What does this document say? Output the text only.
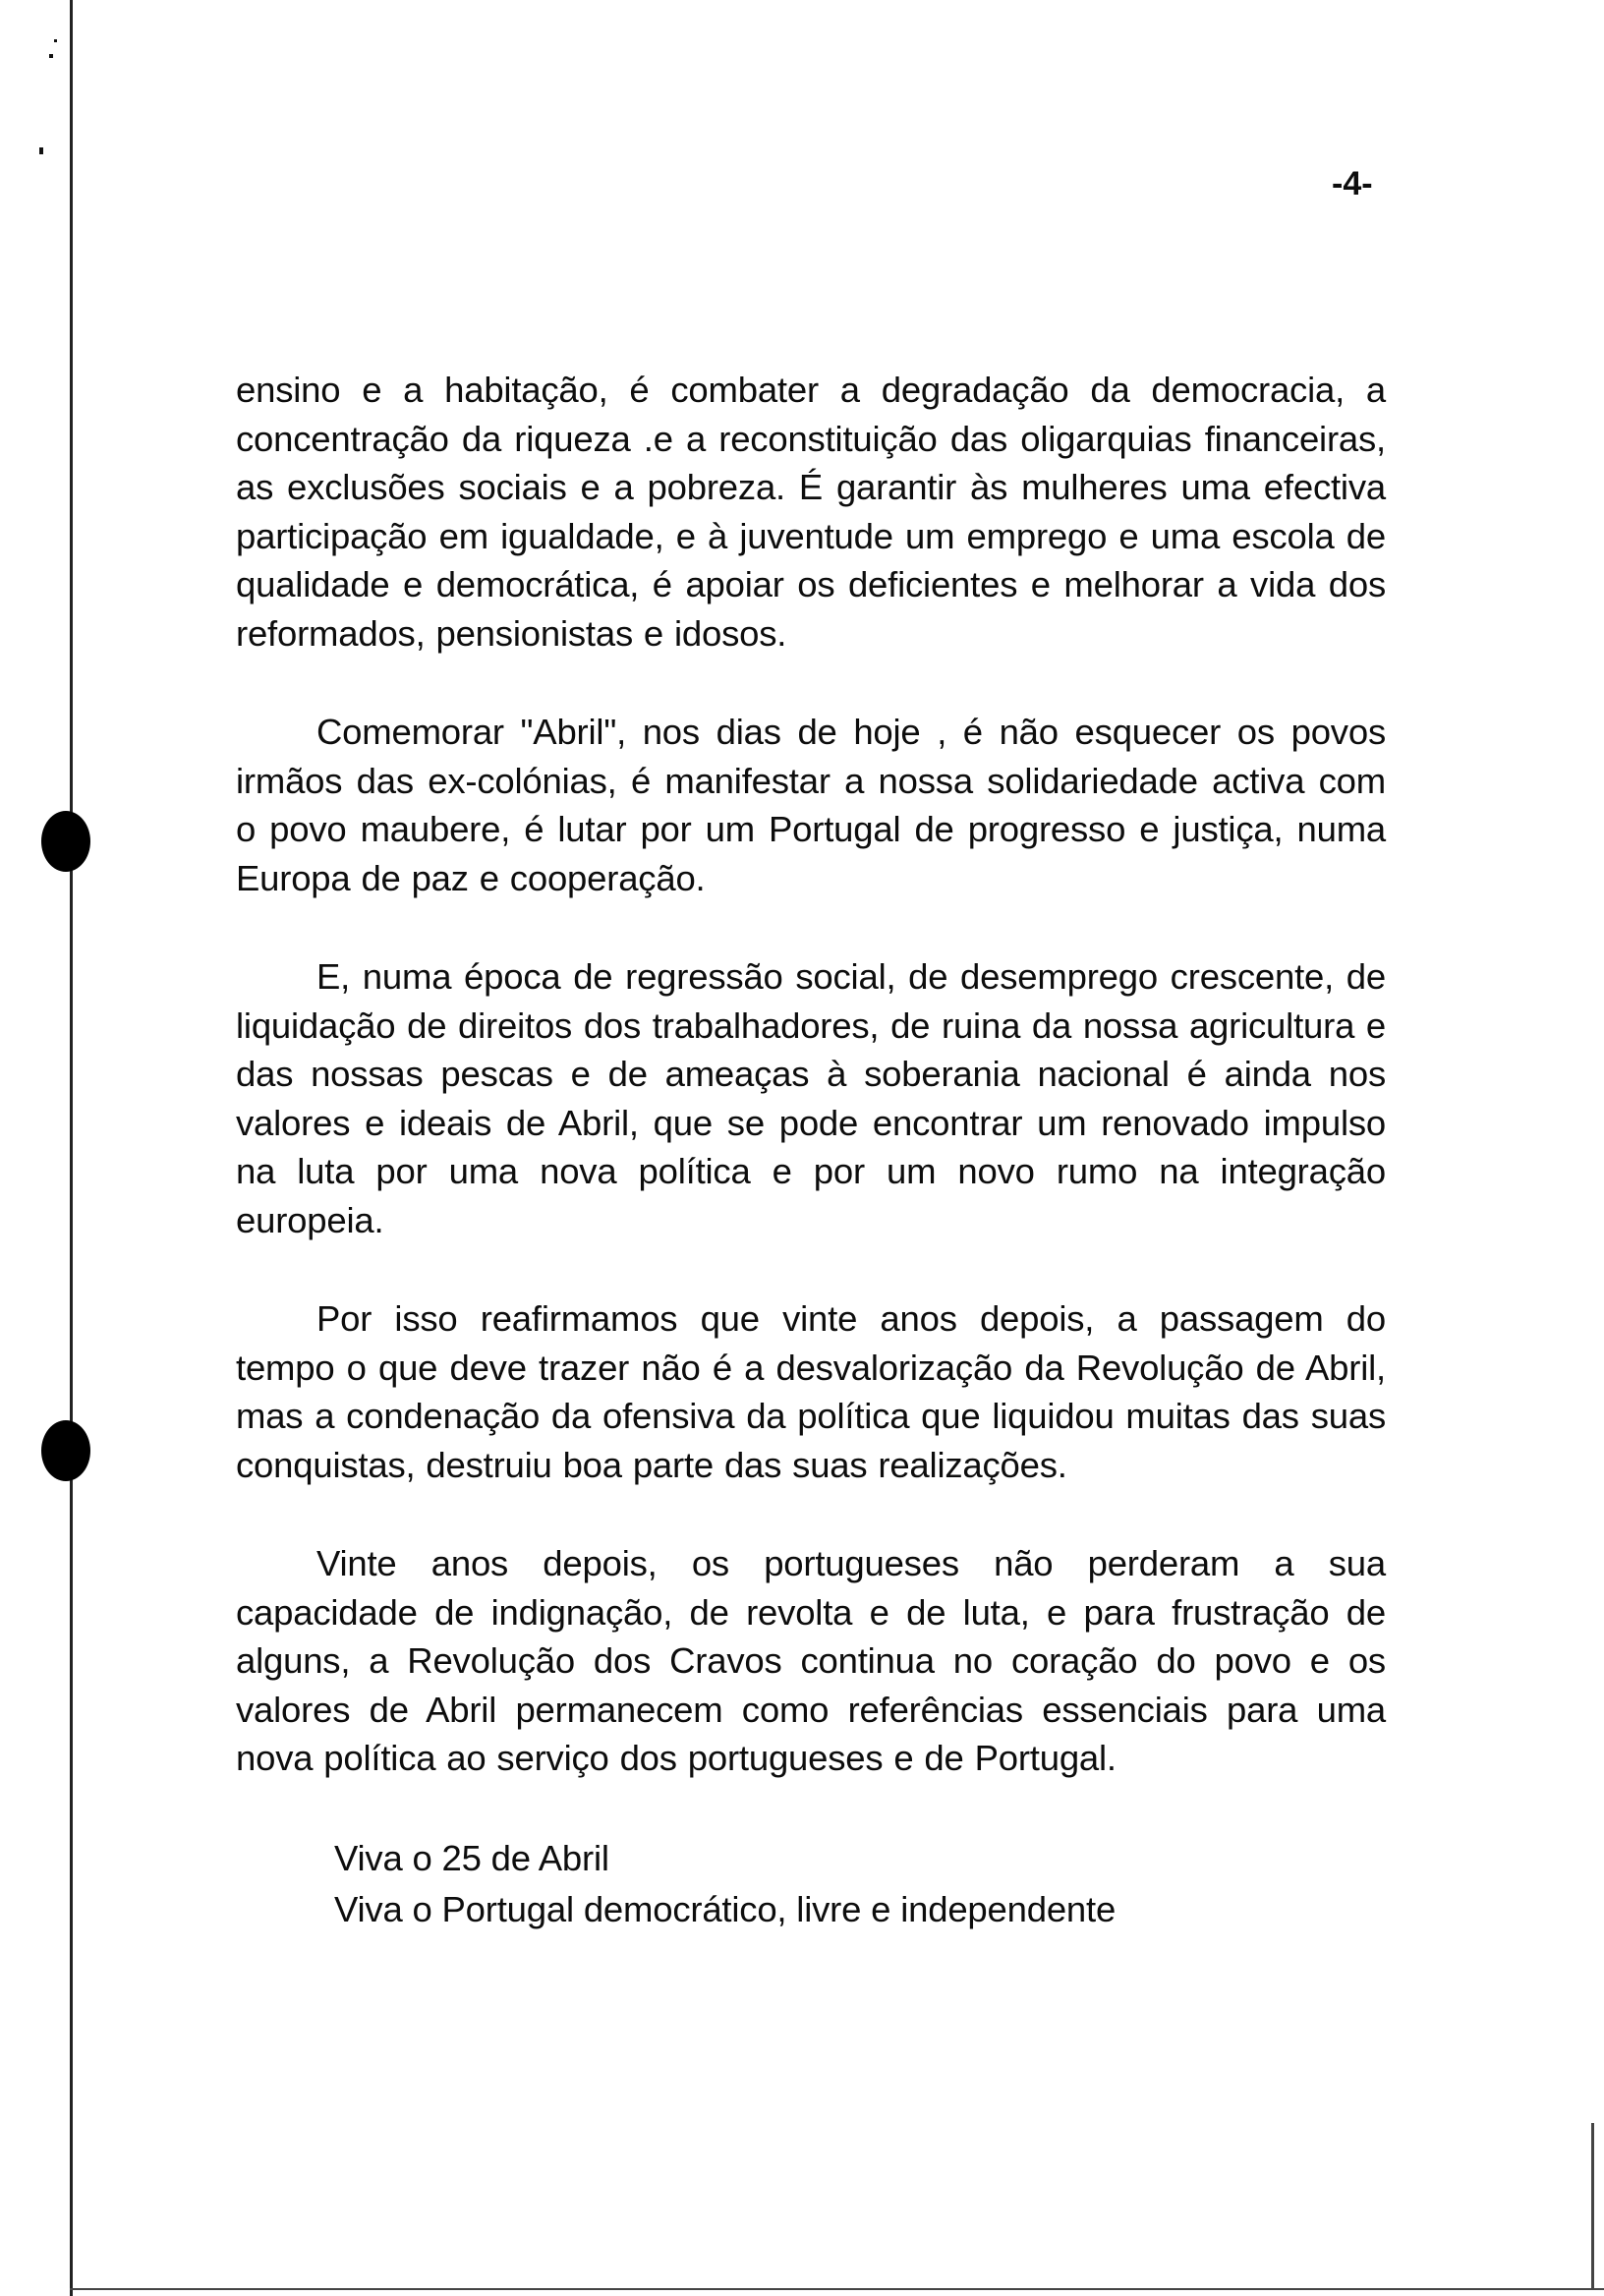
-4-

ensino e a habitação, é combater a degradação da democracia, a concentração da riqueza .e a reconstituição das oligarquias financeiras, as exclusões sociais e a pobreza. É garantir às mulheres uma efectiva participação em igualdade, e à juventude um emprego e uma escola de qualidade e democrática, é apoiar os deficientes e melhorar a vida dos reformados, pensionistas e idosos.

Comemorar "Abril", nos dias de hoje , é não esquecer os povos irmãos das ex-colónias, é manifestar a nossa solidariedade activa com o povo maubere, é lutar por um Portugal de progresso e justiça, numa Europa de paz e cooperação.

E, numa época de regressão social, de desemprego crescente, de liquidação de direitos dos trabalhadores, de ruina da nossa agricultura e das nossas pescas e de ameaças à soberania nacional é ainda nos valores e ideais de Abril, que se pode encontrar um renovado impulso na luta por uma nova política e por um novo rumo na integração europeia.

Por isso reafirmamos que vinte anos depois, a passagem do tempo o que deve trazer não é a desvalorização da Revolução de Abril, mas a condenação da ofensiva da política que liquidou muitas das suas conquistas, destruiu boa parte das suas realizações.

Vinte anos depois, os portugueses não perderam a sua capacidade de indignação, de revolta e de luta, e para frustração de alguns, a Revolução dos Cravos continua no coração do povo e os valores de Abril permanecem como referências essenciais para uma nova política ao serviço dos portugueses e de Portugal.

Viva o 25 de Abril
Viva o Portugal democrático, livre e independente
